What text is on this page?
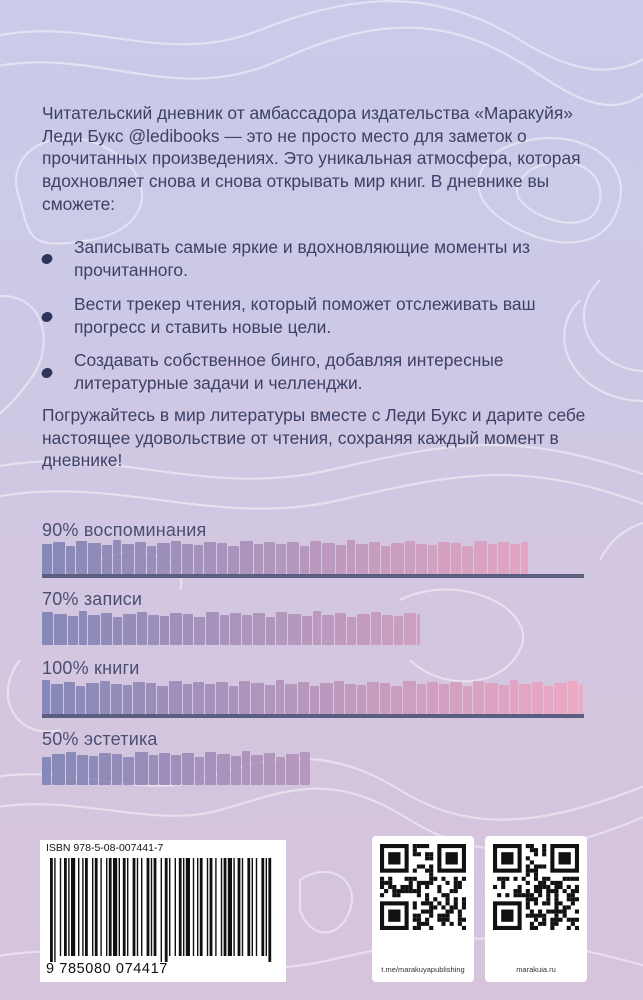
Читательский дневник от амбассадора издательства «Маракуйя» Леди Букс @ledibooks — это не просто место для заметок о прочитанных произведениях. Это уникальная атмосфера, которая вдохновляет снова и снова открывать мир книг. В дневнике вы сможете:

Записывать самые яркие и вдохновляющие моменты из прочитанного.

Вести трекер чтения, который поможет отслеживать ваш прогресс и ставить новые цели.

Создавать собственное бинго, добавляя интересные литературные задачи и челленджи.

Погружайтесь в мир литературы вместе с Леди Букс и дарите себе настоящее удовольствие от чтения, сохраняя каждый момент в дневнике!

90% воспоминания
70% записи
100% книги
50% эстетика
ISBN 978-5-08-007441-7
9 785080 074417	t.me/marakuyapublishing	marakuia.ru
